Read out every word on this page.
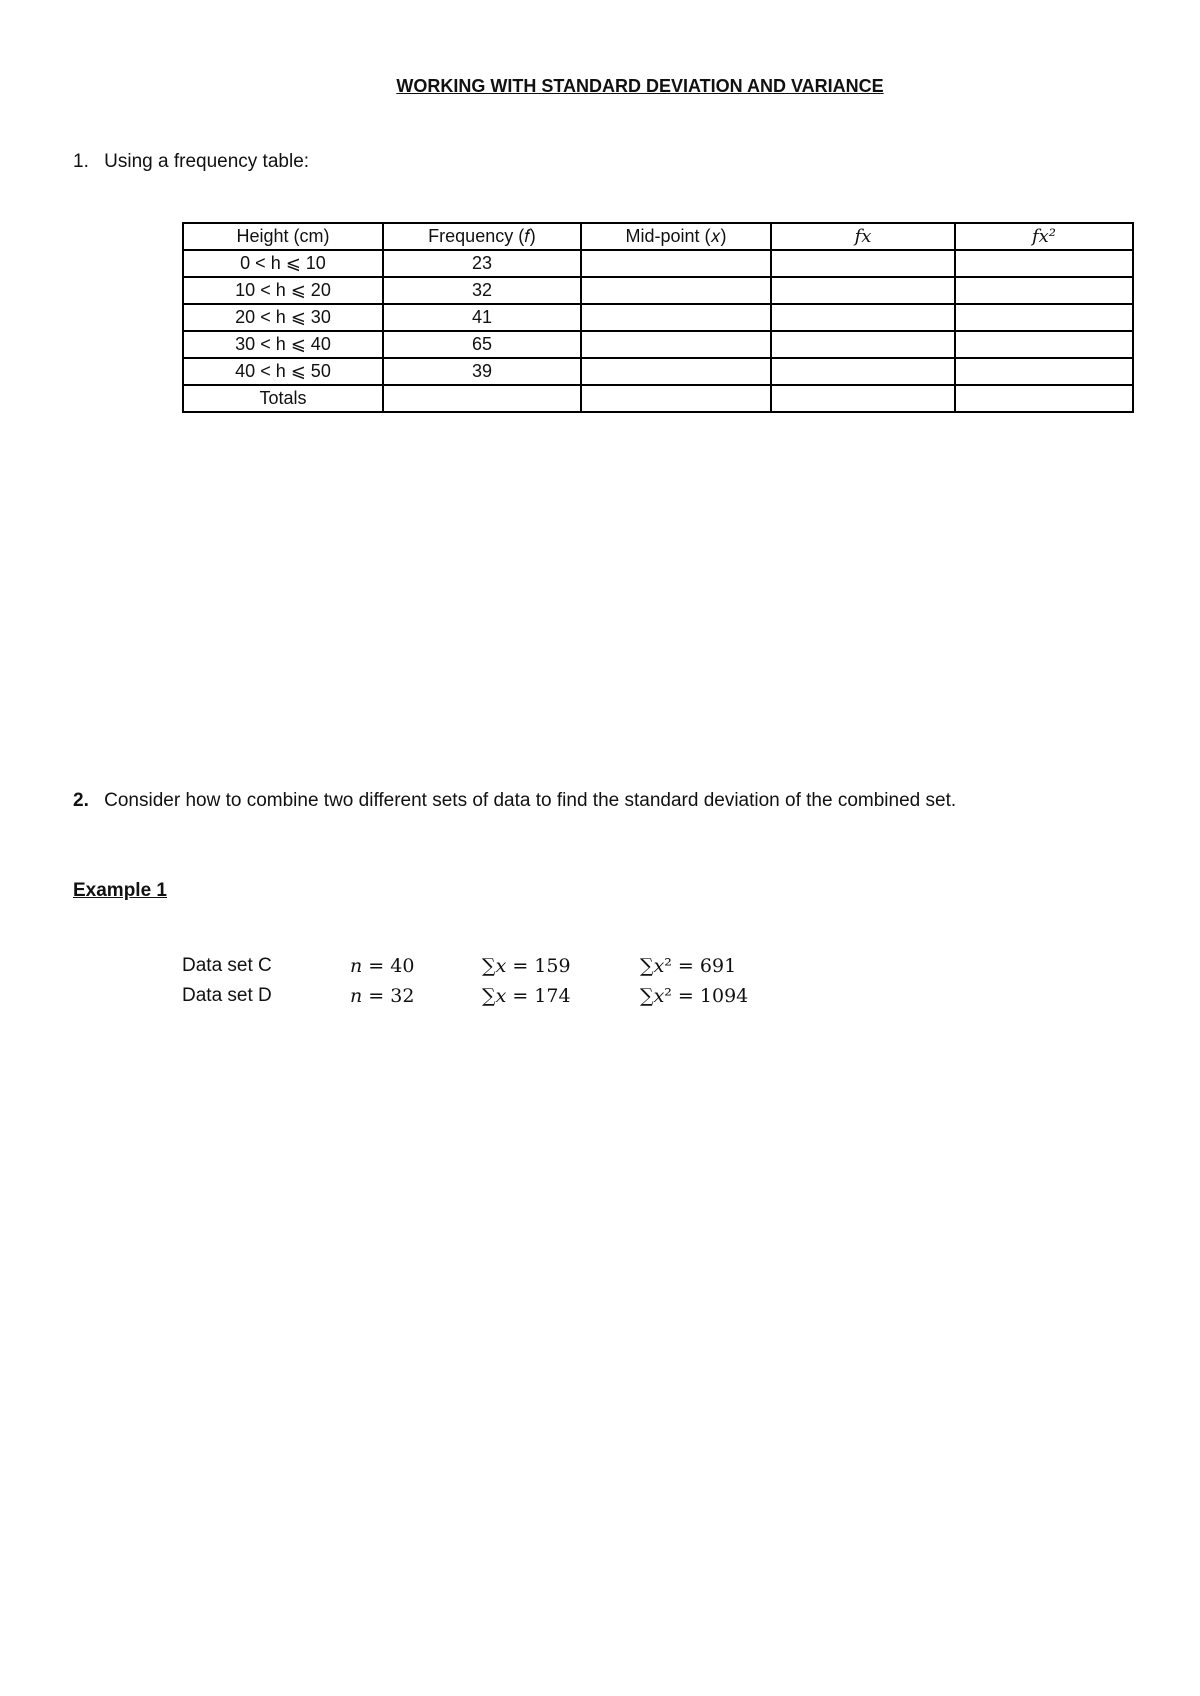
WORKING WITH STANDARD DEVIATION AND VARIANCE
1. Using a frequency table:
Height (cm)	Frequency (𝑓)	Mid-point (𝑥)	𝑓𝑥	𝑓𝑥²
0 < h ⩽ 10	23			
10 < h ⩽ 20	32			
20 < h ⩽ 30	41			
30 < h ⩽ 40	65			
40 < h ⩽ 50	39			
Totals				
2. Consider how to combine two different sets of data to find the standard deviation of the combined set.
Example 1
Data set C	𝑛 = 40	∑𝑥 = 159	∑𝑥² = 691
Data set D	𝑛 = 32	∑𝑥 = 174	∑𝑥² = 1094
